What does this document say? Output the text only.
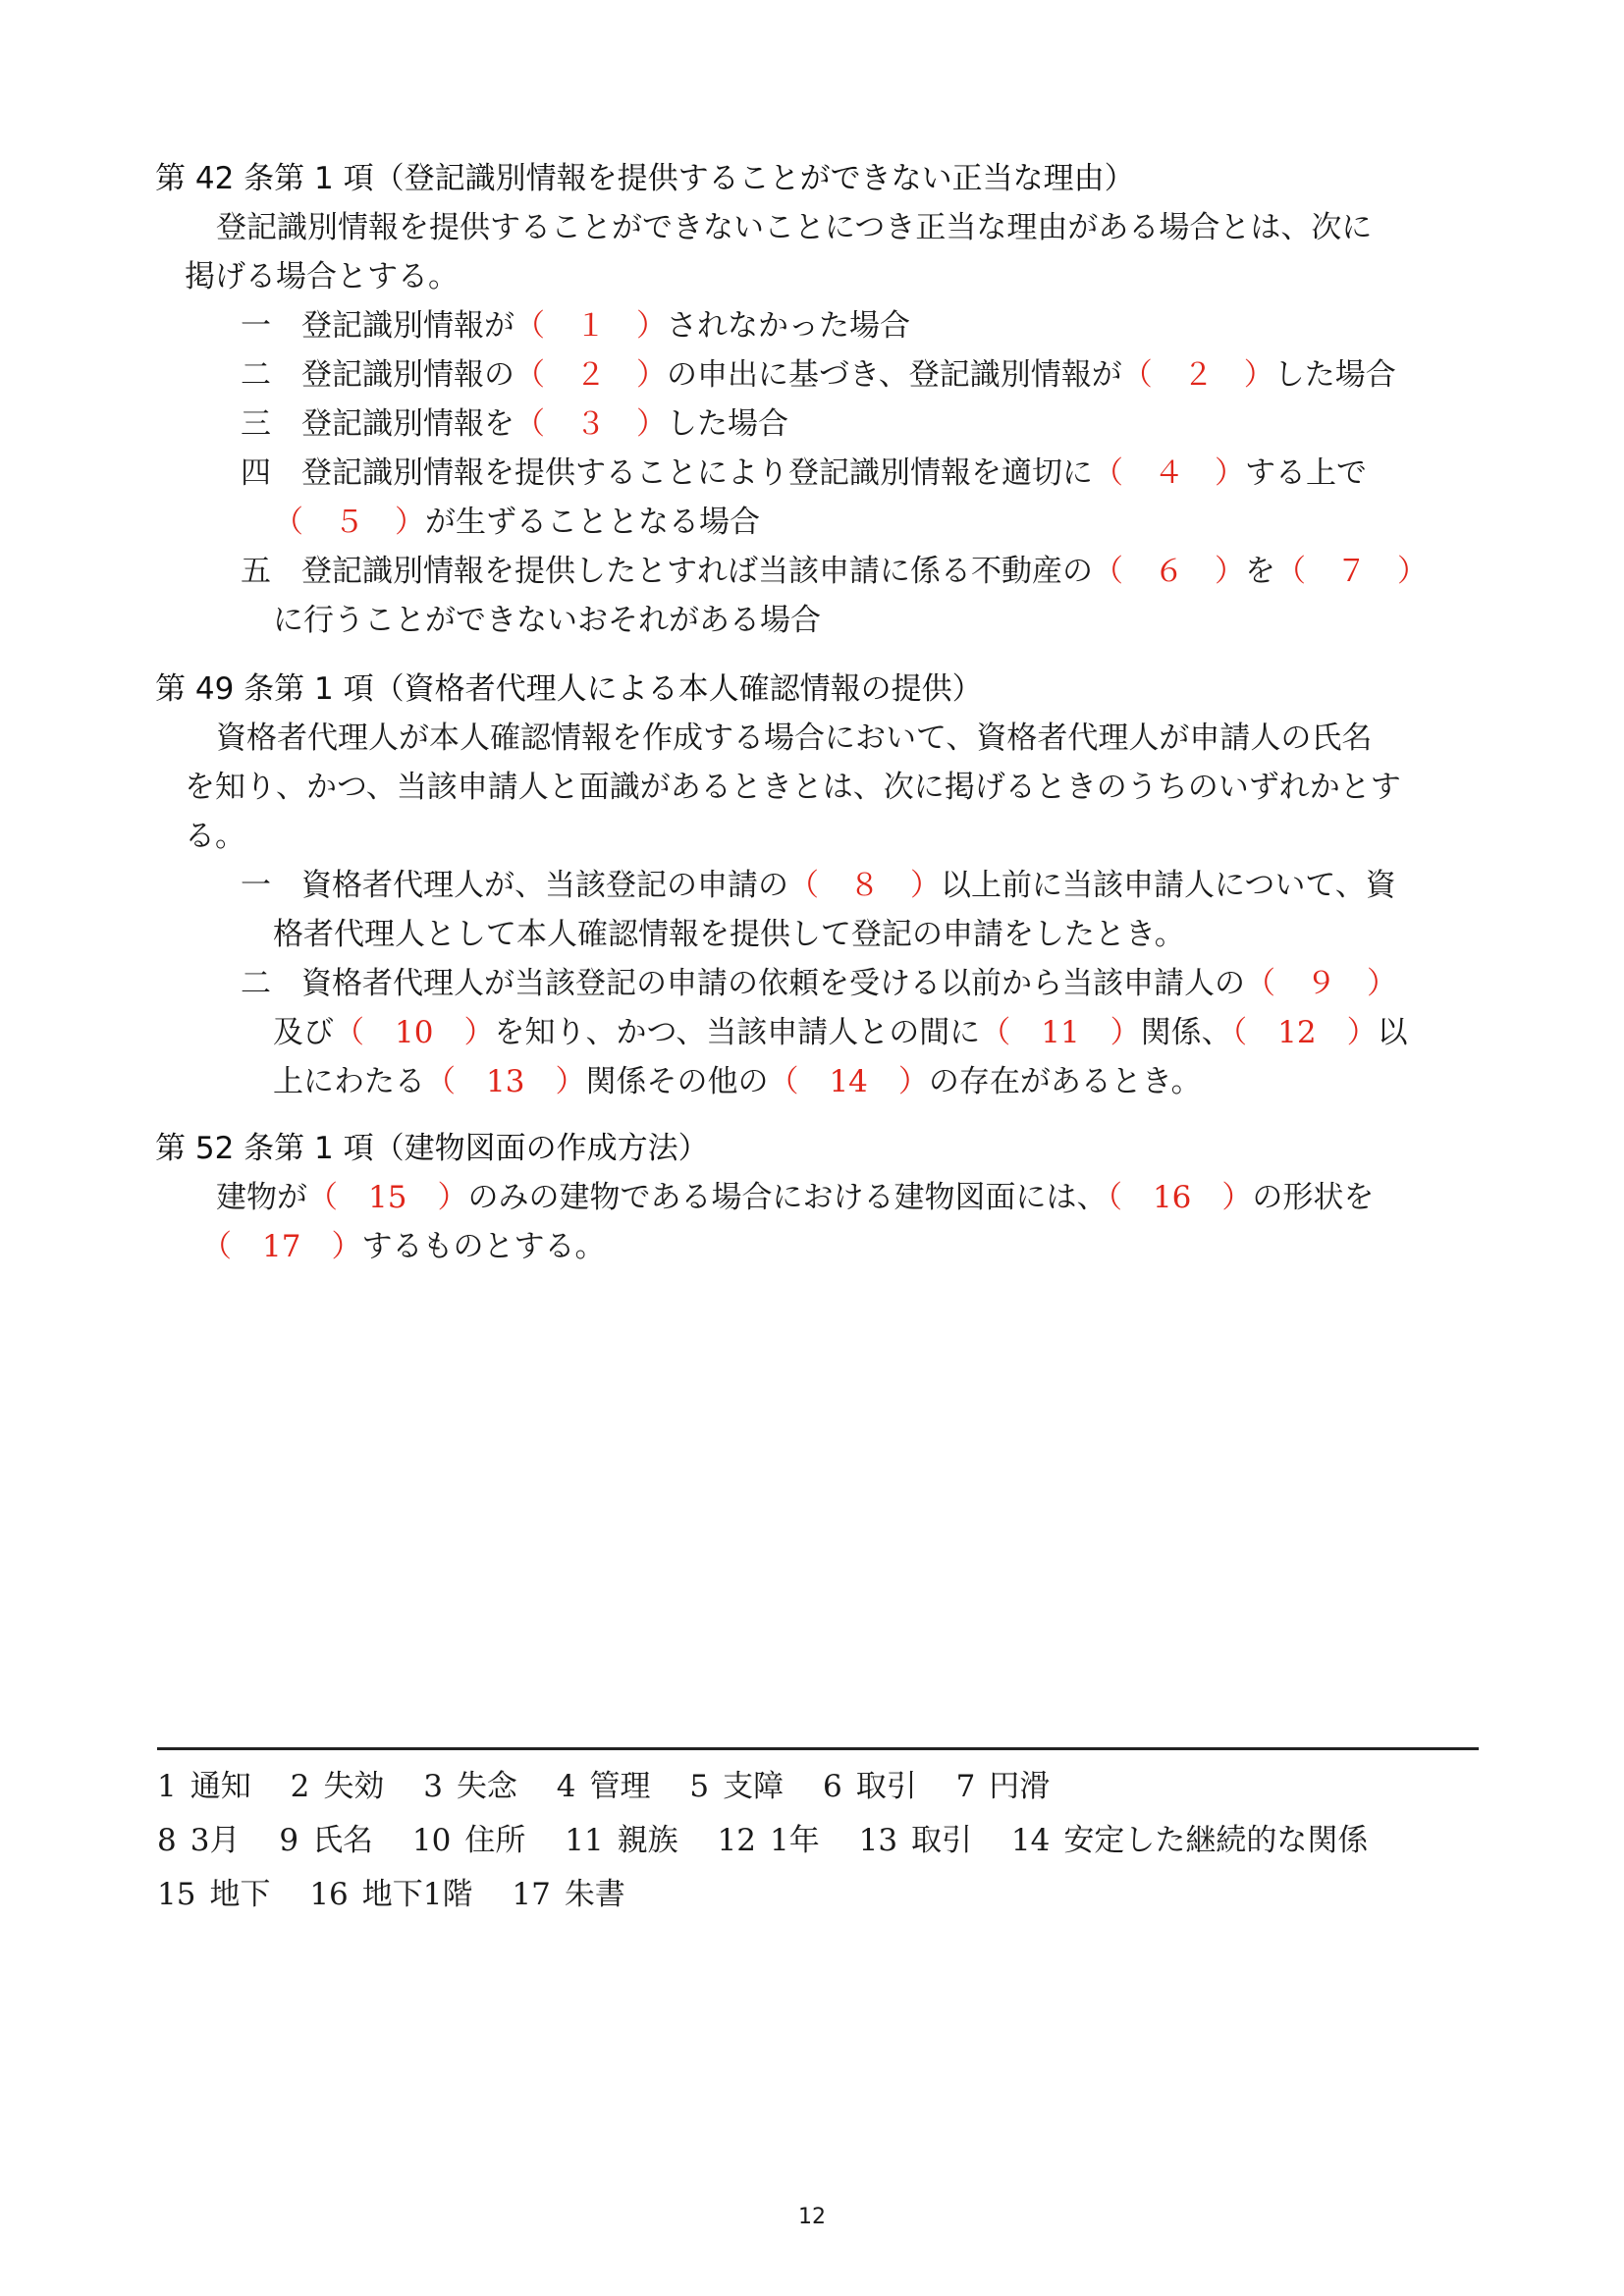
第 42 条第 1 項（登記識別情報を提供することができない正当な理由）
登記識別情報を提供することができないことにつき正当な理由がある場合とは、次に
掲げる場合とする。
一　登記識別情報が（　１　）されなかった場合
二　登記識別情報の（　２　）の申出に基づき、登記識別情報が（　２　）した場合
三　登記識別情報を（　３　）した場合
四　登記識別情報を提供することにより登記識別情報を適切に（　４　）する上で
（　５　）が生ずることとなる場合
五　登記識別情報を提供したとすれば当該申請に係る不動産の（　６　）を（　７　）
に行うことができないおそれがある場合
第 49 条第 1 項（資格者代理人による本人確認情報の提供）
資格者代理人が本人確認情報を作成する場合において、資格者代理人が申請人の氏名
を知り、かつ、当該申請人と面識があるときとは、次に掲げるときのうちのいずれかとす
る。
一　資格者代理人が、当該登記の申請の（　８　）以上前に当該申請人について、資
格者代理人として本人確認情報を提供して登記の申請をしたとき。
二　資格者代理人が当該登記の申請の依頼を受ける以前から当該申請人の（　９　）
及び（　10　）を知り、かつ、当該申請人との間に（　11　）関係、（　12　）以
上にわたる（　13　）関係その他の（　14　）の存在があるとき。
第 52 条第 1 項（建物図面の作成方法）
建物が（　15　）のみの建物である場合における建物図面には、（　16　）の形状を
（　17　）するものとする。
1 通知 2 失効 3 失念 4 管理 5 支障 6 取引 7 円滑
8 3月 9 氏名 10 住所 11 親族 12 1年 13 取引 14 安定した継続的な関係
15 地下 16 地下1階 17 朱書
12
